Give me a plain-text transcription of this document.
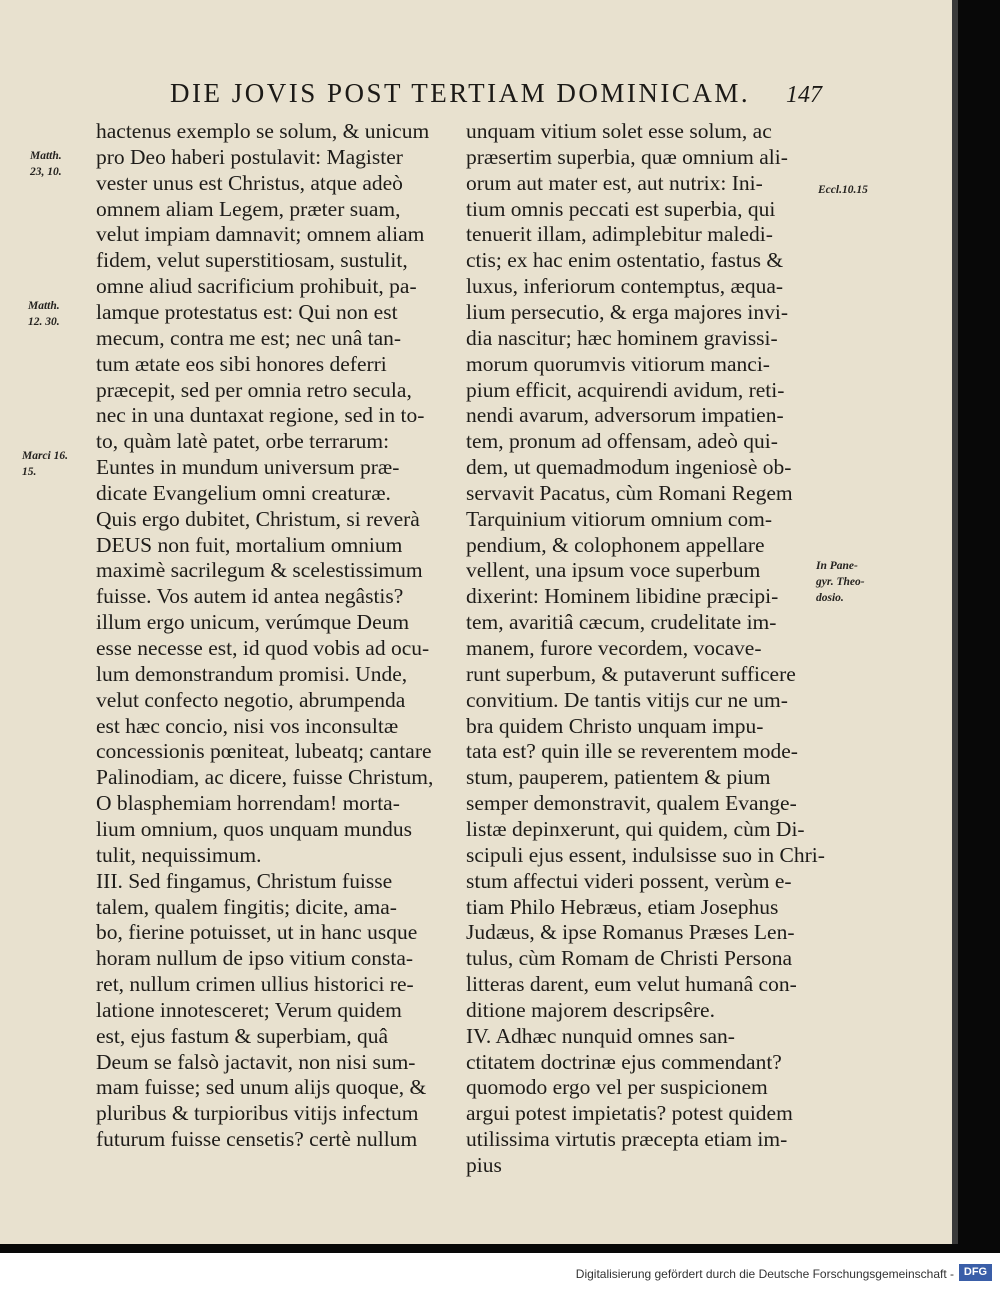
DIE JOVIS POST TERTIAM DOMINICAM.	147
hactenus exemplo se solum, & unicum
pro Deo haberi postulavit: Magister
vester unus est Christus, atque adeò
omnem aliam Legem, præter suam,
velut impiam damnavit; omnem aliam
fidem, velut superstitiosam, sustulit,
omne aliud sacrificium prohibuit, pa-
lamque protestatus est: Qui non est
mecum, contra me est; nec unâ tan-
tum ætate eos sibi honores deferri
præcepit, sed per omnia retro secula,
nec in una duntaxat regione, sed in to-
to, quàm latè patet, orbe terrarum:
Euntes in mundum universum præ-
dicate Evangelium omni creaturæ.
Quis ergo dubitet, Christum, si reverà
DEUS non fuit, mortalium omnium
maximè sacrilegum & scelestissimum
fuisse. Vos autem id antea negâstis?
illum ergo unicum, verúmque Deum
esse necesse est, id quod vobis ad ocu-
lum demonstrandum promisi. Unde,
velut confecto negotio, abrumpenda
est hæc concio, nisi vos inconsultæ
concessionis pœniteat, lubeatq; cantare
Palinodiam, ac dicere, fuisse Christum,
O blasphemiam horrendam! morta-
lium omnium, quos unquam mundus
tulit, nequissimum.
III. Sed fingamus, Christum fuisse
talem, qualem fingitis; dicite, ama-
bo, fierine potuisset, ut in hanc usque
horam nullum de ipso vitium consta-
ret, nullum crimen ullius historici re-
latione innotesceret; Verum quidem
est, ejus fastum & superbiam, quâ
Deum se falsò jactavit, non nisi sum-
mam fuisse; sed unum alijs quoque, &
pluribus & turpioribus vitijs infectum
futurum fuisse censetis? certè nullum
unquam vitium solet esse solum, ac
præsertim superbia, quæ omnium ali-
orum aut mater est, aut nutrix: Ini-
tium omnis peccati est superbia, qui
tenuerit illam, adimplebitur maledi-
ctis; ex hac enim ostentatio, fastus &
luxus, inferiorum contemptus, æqua-
lium persecutio, & erga majores invi-
dia nascitur; hæc hominem gravissi-
morum quorumvis vitiorum manci-
pium efficit, acquirendi avidum, reti-
nendi avarum, adversorum impatien-
tem, pronum ad offensam, adeò qui-
dem, ut quemadmodum ingeniosè ob-
servavit Pacatus, cùm Romani Regem
Tarquinium vitiorum omnium com-
pendium, & colophonem appellare
vellent, una ipsum voce superbum
dixerint: Hominem libidine præcipi-
tem, avaritiâ cæcum, crudelitate im-
manem, furore vecordem, vocave-
runt superbum, & putaverunt sufficere
convitium. De tantis vitijs cur ne um-
bra quidem Christo unquam impu-
tata est? quin ille se reverentem mode-
stum, pauperem, patientem & pium
semper demonstravit, qualem Evange-
listæ depinxerunt, qui quidem, cùm Di-
scipuli ejus essent, indulsisse suo in Chri-
stum affectui videri possent, verùm e-
tiam Philo Hebræus, etiam Josephus
Judæus, & ipse Romanus Præses Len-
tulus, cùm Romam de Christi Persona
litteras darent, eum velut humanâ con-
ditione majorem descripsêre.
IV. Adhæc nunquid omnes san-
ctitatem doctrinæ ejus commendant?
quomodo ergo vel per suspicionem
argui potest impietatis? potest quidem
utilissima virtutis præcepta etiam im-
pius
Matth.
23, 10.
Matth.
12. 30.
Marci 16.
15.
Eccl.10.15
In Pane-
gyr. Theo-
dosio.
Digitalisierung gefördert durch die Deutsche Forschungsgemeinschaft - DFG
